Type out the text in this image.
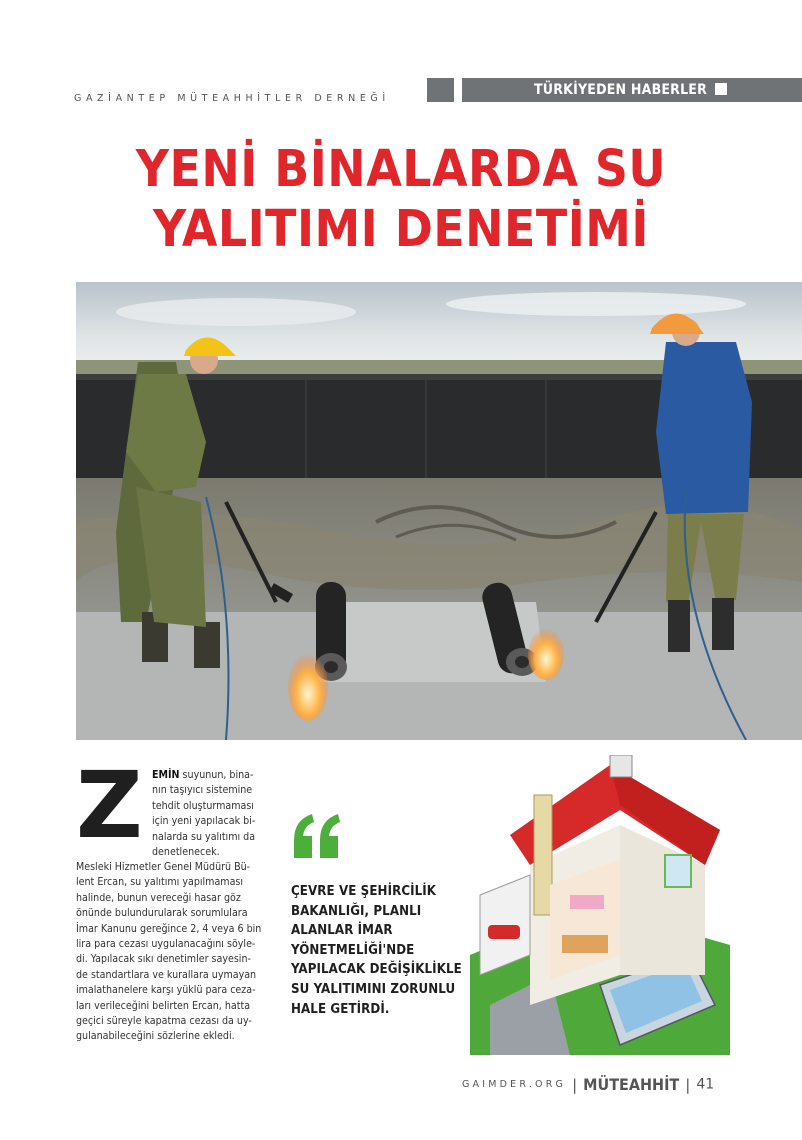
GAZİANTEP MÜTEAHHİTLER DERNEĞİ
TÜRKİYEDEN HABERLER
YENİ BİNALARDA SU
YALITIMI DENETİMİ
Z EMİN suyunun, bina-
nın taşıyıcı sistemine
tehdit oluşturmaması
için yeni yapılacak bi-
nalarda su yalıtımı da
denetlenecek.

Mesleki Hizmetler Genel Müdürü Bü-
lent Ercan, su yalıtımı yapılmaması
halinde, bunun vereceği hasar göz
önünde bulundurularak sorumlulara
İmar Kanunu gereğince 2, 4 veya 6 bin
lira para cezası uygulanacağını söyle-
di. Yapılacak sıkı denetimler sayesin-
de standartlara ve kurallara uymayan
imalathanelere karşı yüklü para ceza-
ları verileceğini belirten Ercan, hatta
geçici süreyle kapatma cezası da uy-
gulanabileceğini sözlerine ekledi.

ÇEVRE VE ŞEHİRCİLİK
BAKANLIĞI, PLANLI
ALANLAR İMAR
YÖNETMELİĞİ'NDE
YAPILACAK DEĞİŞİKLİKLE
SU YALITIMINI ZORUNLU
HALE GETİRDİ.

GAIMDER.ORG | MÜTEAHHİT | 41
